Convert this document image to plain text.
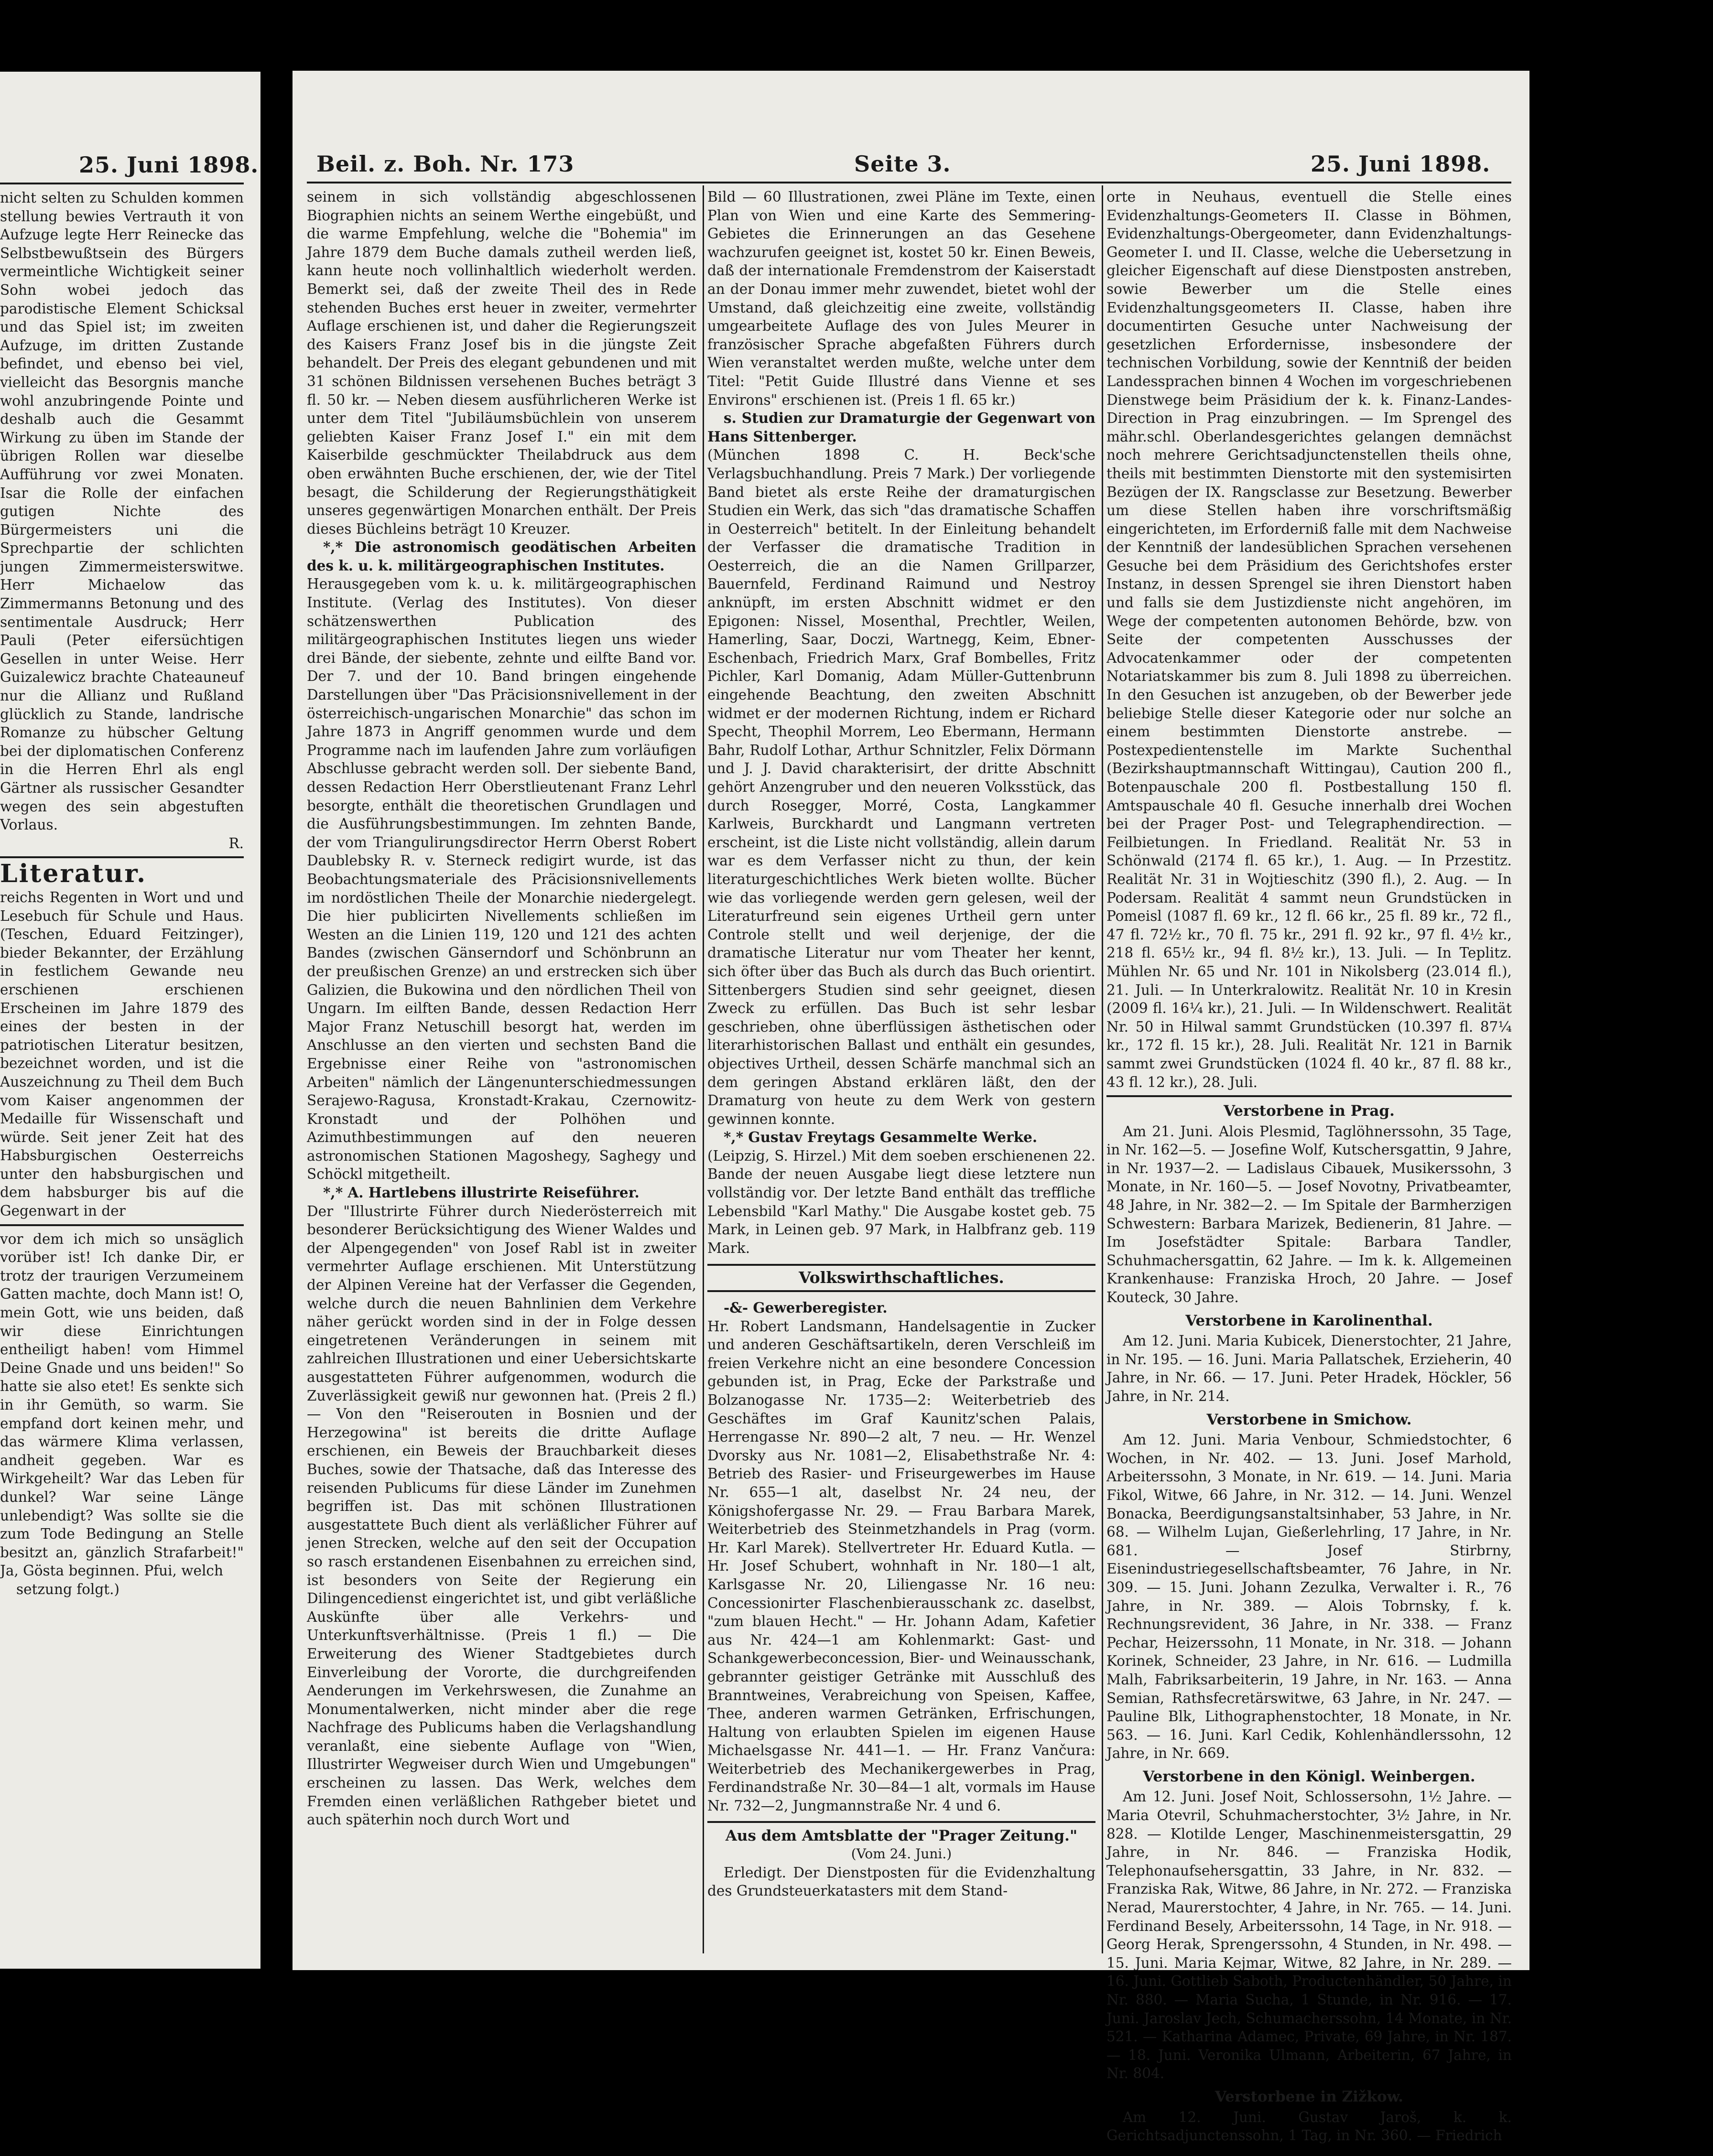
25. Juni 1898.

nicht selten zu Schulden kommen stellung bewies Vertrauth it von Aufzuge legte Herr Reinecke das Selbstbewußtsein des Bürgers vermeintliche Wichtigkeit seiner Sohn wobei jedoch das parodistische Element Schicksal und das Spiel ist; im zweiten Aufzuge, im dritten Zustande befindet, und ebenso bei viel, vielleicht das Besorgnis manche wohl anzubringende Pointe und deshalb auch die Gesammt Wirkung zu üben im Stande der übrigen Rollen war dieselbe Aufführung vor zwei Monaten. Isar die Rolle der einfachen gutigen Nichte des Bürgermeisters uni die Sprechpartie der schlichten jungen Zimmermeisterswitwe. Herr Michaelow das Zimmermanns Betonung und des sentimentale Ausdruck; Herr Pauli (Peter eifersüchtigen Gesellen in unter Weise. Herr Guizalewicz brachte Chateauneuf nur die Allianz und Rußland glücklich zu Stande, landrische Romanze zu hübscher Geltung bei der diplomatischen Conferenz in die Herren Ehrl als engl Gärtner als russischer Gesandter wegen des sein abgestuften Vorlaus.

R.
Literatur.

reichs Regenten in Wort und und Lesebuch für Schule und Haus. (Teschen, Eduard Feitzinger), bieder Bekannter, der Erzählung in festlichem Gewande neu erschienen erschienen Erscheinen im Jahre 1879 des eines der besten in der patriotischen Literatur besitzen, bezeichnet worden, und ist die Auszeichnung zu Theil dem Buch vom Kaiser angenommen der Medaille für Wissenschaft und würde. Seit jener Zeit hat des Habsburgischen Oesterreichs unter den habsburgischen und dem habsburger bis auf die Gegenwart in der

vor dem ich mich so unsäglich vorüber ist! Ich danke Dir, er trotz der traurigen Verzumeinem Gatten machte, doch Mann ist! O, mein Gott, wie uns beiden, daß wir diese Einrichtungen entheiligt haben! vom Himmel Deine Gnade und uns beiden!" So hatte sie also etet! Es senkte sich in ihr Gemüth, so warm. Sie empfand dort keinen mehr, und das wärmere Klima verlassen, andheit gegeben. War es Wirkgeheilt? War das Leben für dunkel? War seine Länge unlebendigt? Was sollte sie die zum Tode Bedingung an Stelle besitzt an, gänzlich Strafarbeit!" Ja, Gösta beginnen. Pfui, welch

setzung folgt.)

Beil. z. Boh. Nr. 173	Seite 3.	25. Juni 1898.

seinem in sich vollständig abgeschlossenen Biographien nichts an seinem Werthe eingebüßt, und die warme Empfehlung, welche die "Bohemia" im Jahre 1879 dem Buche damals zutheil werden ließ, kann heute noch vollinhaltlich wiederholt werden. Bemerkt sei, daß der zweite Theil des in Rede stehenden Buches erst heuer in zweiter, vermehrter Auflage erschienen ist, und daher die Regierungszeit des Kaisers Franz Josef bis in die jüngste Zeit behandelt. Der Preis des elegant gebundenen und mit 31 schönen Bildnissen versehenen Buches beträgt 3 fl. 50 kr. — Neben diesem ausführlicheren Werke ist unter dem Titel "Jubiläumsbüchlein von unserem geliebten Kaiser Franz Josef I." ein mit dem Kaiserbilde geschmückter Theilabdruck aus dem oben erwähnten Buche erschienen, der, wie der Titel besagt, die Schilderung der Regierungsthätigkeit unseres gegenwärtigen Monarchen enthält. Der Preis dieses Büchleins beträgt 10 Kreuzer.

*,* Die astronomisch geodätischen Arbeiten des k. u. k. militärgeographischen Institutes.

Herausgegeben vom k. u. k. militärgeographischen Institute. (Verlag des Institutes). Von dieser schätzenswerthen Publication des militärgeographischen Institutes liegen uns wieder drei Bände, der siebente, zehnte und eilfte Band vor. Der 7. und der 10. Band bringen eingehende Darstellungen über "Das Präcisionsnivellement in der österreichisch-ungarischen Monarchie" das schon im Jahre 1873 in Angriff genommen wurde und dem Programme nach im laufenden Jahre zum vorläufigen Abschlusse gebracht werden soll. Der siebente Band, dessen Redaction Herr Oberstlieutenant Franz Lehrl besorgte, enthält die theoretischen Grundlagen und die Ausführungsbestimmungen. Im zehnten Bande, der vom Triangulirungsdirector Herrn Oberst Robert Daublebsky R. v. Sterneck redigirt wurde, ist das Beobachtungsmateriale des Präcisionsnivellements im nordöstlichen Theile der Monarchie niedergelegt. Die hier publicirten Nivellements schließen im Westen an die Linien 119, 120 und 121 des achten Bandes (zwischen Gänserndorf und Schönbrunn an der preußischen Grenze) an und erstrecken sich über Galizien, die Bukowina und den nördlichen Theil von Ungarn. Im eilften Bande, dessen Redaction Herr Major Franz Netuschill besorgt hat, werden im Anschlusse an den vierten und sechsten Band die Ergebnisse einer Reihe von "astronomischen Arbeiten" nämlich der Längenunterschiedmessungen Serajewo-Ragusa, Kronstadt-Krakau, Czernowitz-Kronstadt und der Polhöhen und Azimuthbestimmungen auf den neueren astronomischen Stationen Magoshegy, Saghegy und Schöckl mitgetheilt.

*,* A. Hartlebens illustrirte Reiseführer.

Der "Illustrirte Führer durch Niederösterreich mit besonderer Berücksichtigung des Wiener Waldes und der Alpengegenden" von Josef Rabl ist in zweiter vermehrter Auflage erschienen. Mit Unterstützung der Alpinen Vereine hat der Verfasser die Gegenden, welche durch die neuen Bahnlinien dem Verkehre näher gerückt worden sind in der in Folge dessen eingetretenen Veränderungen in seinem mit zahlreichen Illustrationen und einer Uebersichtskarte ausgestatteten Führer aufgenommen, wodurch die Zuverlässigkeit gewiß nur gewonnen hat. (Preis 2 fl.) — Von den "Reiserouten in Bosnien und der Herzegowina" ist bereits die dritte Auflage erschienen, ein Beweis der Brauchbarkeit dieses Buches, sowie der Thatsache, daß das Interesse des reisenden Publicums für diese Länder im Zunehmen begriffen ist. Das mit schönen Illustrationen ausgestattete Buch dient als verläßlicher Führer auf jenen Strecken, welche auf den seit der Occupation so rasch erstandenen Eisenbahnen zu erreichen sind, ist besonders von Seite der Regierung ein Dilingencedienst eingerichtet ist, und gibt verläßliche Auskünfte über alle Verkehrs- und Unterkunftsverhältnisse. (Preis 1 fl.) — Die Erweiterung des Wiener Stadtgebietes durch Einverleibung der Vororte, die durchgreifenden Aenderungen im Verkehrswesen, die Zunahme an Monumentalwerken, nicht minder aber die rege Nachfrage des Publicums haben die Verlagshandlung veranlaßt, eine siebente Auflage von "Wien, Illustrirter Wegweiser durch Wien und Umgebungen" erscheinen zu lassen. Das Werk, welches dem Fremden einen verläßlichen Rathgeber bietet und auch späterhin noch durch Wort und

Bild — 60 Illustrationen, zwei Pläne im Texte, einen Plan von Wien und eine Karte des Semmering-Gebietes die Erinnerungen an das Gesehene wachzurufen geeignet ist, kostet 50 kr. Einen Beweis, daß der internationale Fremdenstrom der Kaiserstadt an der Donau immer mehr zuwendet, bietet wohl der Umstand, daß gleichzeitig eine zweite, vollständig umgearbeitete Auflage des von Jules Meurer in französischer Sprache abgefaßten Führers durch Wien veranstaltet werden mußte, welche unter dem Titel: "Petit Guide Illustré dans Vienne et ses Environs" erschienen ist. (Preis 1 fl. 65 kr.)

s. Studien zur Dramaturgie der Gegenwart von Hans Sittenberger.

(München 1898 C. H. Beck'sche Verlagsbuchhandlung. Preis 7 Mark.) Der vorliegende Band bietet als erste Reihe der dramaturgischen Studien ein Werk, das sich "das dramatische Schaffen in Oesterreich" betitelt. In der Einleitung behandelt der Verfasser die dramatische Tradition in Oesterreich, die an die Namen Grillparzer, Bauernfeld, Ferdinand Raimund und Nestroy anknüpft, im ersten Abschnitt widmet er den Epigonen: Nissel, Mosenthal, Prechtler, Weilen, Hamerling, Saar, Doczi, Wartnegg, Keim, Ebner-Eschenbach, Friedrich Marx, Graf Bombelles, Fritz Pichler, Karl Domanig, Adam Müller-Guttenbrunn eingehende Beachtung, den zweiten Abschnitt widmet er der modernen Richtung, indem er Richard Specht, Theophil Morrem, Leo Ebermann, Hermann Bahr, Rudolf Lothar, Arthur Schnitzler, Felix Dörmann und J. J. David charakterisirt, der dritte Abschnitt gehört Anzengruber und den neueren Volksstück, das durch Rosegger, Morré, Costa, Langkammer Karlweis, Burckhardt und Langmann vertreten erscheint, ist die Liste nicht vollständig, allein darum war es dem Verfasser nicht zu thun, der kein literaturgeschichtliches Werk bieten wollte. Bücher wie das vorliegende werden gern gelesen, weil der Literaturfreund sein eigenes Urtheil gern unter Controle stellt und weil derjenige, der die dramatische Literatur nur vom Theater her kennt, sich öfter über das Buch als durch das Buch orientirt. Sittenbergers Studien sind sehr geeignet, diesen Zweck zu erfüllen. Das Buch ist sehr lesbar geschrieben, ohne überflüssigen ästhetischen oder literarhistorischen Ballast und enthält ein gesundes, objectives Urtheil, dessen Schärfe manchmal sich an dem geringen Abstand erklären läßt, den der Dramaturg von heute zu dem Werk von gestern gewinnen konnte.

*,* Gustav Freytags Gesammelte Werke.

(Leipzig, S. Hirzel.) Mit dem soeben erschienenen 22. Bande der neuen Ausgabe liegt diese letztere nun vollständig vor. Der letzte Band enthält das treffliche Lebensbild "Karl Mathy." Die Ausgabe kostet geb. 75 Mark, in Leinen geb. 97 Mark, in Halbfranz geb. 119 Mark.

Volkswirthschaftliches.

-&- Gewerberegister.

Hr. Robert Landsmann, Handelsagentie in Zucker und anderen Geschäftsartikeln, deren Verschleiß im freien Verkehre nicht an eine besondere Concession gebunden ist, in Prag, Ecke der Parkstraße und Bolzanogasse Nr. 1735—2: Weiterbetrieb des Geschäftes im Graf Kaunitz'schen Palais, Herrengasse Nr. 890—2 alt, 7 neu. — Hr. Wenzel Dvorsky aus Nr. 1081—2, Elisabethstraße Nr. 4: Betrieb des Rasier- und Friseurgewerbes im Hause Nr. 655—1 alt, daselbst Nr. 24 neu, der Königshofergasse Nr. 29. — Frau Barbara Marek, Weiterbetrieb des Steinmetzhandels in Prag (vorm. Hr. Karl Marek). Stellvertreter Hr. Eduard Kutla. — Hr. Josef Schubert, wohnhaft in Nr. 180—1 alt, Karlsgasse Nr. 20, Liliengasse Nr. 16 neu: Concessionirter Flaschenbierausschank zc. daselbst, "zum blauen Hecht." — Hr. Johann Adam, Kafetier aus Nr. 424—1 am Kohlenmarkt: Gast- und Schankgewerbeconcession, Bier- und Weinausschank, gebrannter geistiger Getränke mit Ausschluß des Branntweines, Verabreichung von Speisen, Kaffee, Thee, anderen warmen Getränken, Erfrischungen, Haltung von erlaubten Spielen im eigenen Hause Michaelsgasse Nr. 441—1. — Hr. Franz Vančura: Weiterbetrieb des Mechanikergewerbes in Prag, Ferdinandstraße Nr. 30—84—1 alt, vormals im Hause Nr. 732—2, Jungmannstraße Nr. 4 und 6.

Aus dem Amtsblatte der "Prager Zeitung."
(Vom 24. Juni.)

Erledigt. Der Dienstposten für die Evidenzhaltung des Grundsteuerkatasters mit dem Stand-

orte in Neuhaus, eventuell die Stelle eines Evidenzhaltungs-Geometers II. Classe in Böhmen, Evidenzhaltungs-Obergeometer, dann Evidenzhaltungs-Geometer I. und II. Classe, welche die Uebersetzung in gleicher Eigenschaft auf diese Dienstposten anstreben, sowie Bewerber um die Stelle eines Evidenzhaltungsgeometers II. Classe, haben ihre documentirten Gesuche unter Nachweisung der gesetzlichen Erfordernisse, insbesondere der technischen Vorbildung, sowie der Kenntniß der beiden Landessprachen binnen 4 Wochen im vorgeschriebenen Dienstwege beim Präsidium der k. k. Finanz-Landes-Direction in Prag einzubringen. — Im Sprengel des mähr.schl. Oberlandesgerichtes gelangen demnächst noch mehrere Gerichtsadjunctenstellen theils ohne, theils mit bestimmten Dienstorte mit den systemisirten Bezügen der IX. Rangsclasse zur Besetzung. Bewerber um diese Stellen haben ihre vorschriftsmäßig eingerichteten, im Erforderniß falle mit dem Nachweise der Kenntniß der landesüblichen Sprachen versehenen Gesuche bei dem Präsidium des Gerichtshofes erster Instanz, in dessen Sprengel sie ihren Dienstort haben und falls sie dem Justizdienste nicht angehören, im Wege der competenten autonomen Behörde, bzw. von Seite der competenten Ausschusses der Advocatenkammer oder der competenten Notariatskammer bis zum 8. Juli 1898 zu überreichen. In den Gesuchen ist anzugeben, ob der Bewerber jede beliebige Stelle dieser Kategorie oder nur solche an einem bestimmten Dienstorte anstrebe. — Postexpedientenstelle im Markte Suchenthal (Bezirkshauptmannschaft Wittingau), Caution 200 fl., Botenpauschale 200 fl. Postbestallung 150 fl. Amtspauschale 40 fl. Gesuche innerhalb drei Wochen bei der Prager Post- und Telegraphendirection. — Feilbietungen. In Friedland. Realität Nr. 53 in Schönwald (2174 fl. 65 kr.), 1. Aug. — In Przestitz. Realität Nr. 31 in Wojtieschitz (390 fl.), 2. Aug. — In Podersam. Realität 4 sammt neun Grundstücken in Pomeisl (1087 fl. 69 kr., 12 fl. 66 kr., 25 fl. 89 kr., 72 fl., 47 fl. 72½ kr., 70 fl. 75 kr., 291 fl. 92 kr., 97 fl. 4½ kr., 218 fl. 65½ kr., 94 fl. 8½ kr.), 13. Juli. — In Teplitz. Mühlen Nr. 65 und Nr. 101 in Nikolsberg (23.014 fl.), 21. Juli. — In Unterkralowitz. Realität Nr. 10 in Kresin (2009 fl. 16¼ kr.), 21. Juli. — In Wildenschwert. Realität Nr. 50 in Hilwal sammt Grundstücken (10.397 fl. 87¼ kr., 172 fl. 15 kr.), 28. Juli. Realität Nr. 121 in Barnik sammt zwei Grundstücken (1024 fl. 40 kr., 87 fl. 88 kr., 43 fl. 12 kr.), 28. Juli.

Verstorbene in Prag.

Am 21. Juni. Alois Plesmid, Taglöhnerssohn, 35 Tage, in Nr. 162—5. — Josefine Wolf, Kutschersgattin, 9 Jahre, in Nr. 1937—2. — Ladislaus Cibauek, Musikerssohn, 3 Monate, in Nr. 160—5. — Josef Novotny, Privatbeamter, 48 Jahre, in Nr. 382—2. — Im Spitale der Barmherzigen Schwestern: Barbara Marizek, Bedienerin, 81 Jahre. — Im Josefstädter Spitale: Barbara Tandler, Schuhmachersgattin, 62 Jahre. — Im k. k. Allgemeinen Krankenhause: Franziska Hroch, 20 Jahre. — Josef Kouteck, 30 Jahre.

Verstorbene in Karolinenthal.

Am 12. Juni. Maria Kubicek, Dienerstochter, 21 Jahre, in Nr. 195. — 16. Juni. Maria Pallatschek, Erzieherin, 40 Jahre, in Nr. 66. — 17. Juni. Peter Hradek, Höckler, 56 Jahre, in Nr. 214.

Verstorbene in Smichow.

Am 12. Juni. Maria Venbour, Schmiedstochter, 6 Wochen, in Nr. 402. — 13. Juni. Josef Marhold, Arbeiterssohn, 3 Monate, in Nr. 619. — 14. Juni. Maria Fikol, Witwe, 66 Jahre, in Nr. 312. — 14. Juni. Wenzel Bonacka, Beerdigungsanstaltsinhaber, 53 Jahre, in Nr. 68. — Wilhelm Lujan, Gießerlehrling, 17 Jahre, in Nr. 681. — Josef Stirbrny, Eisenindustriegesellschaftsbeamter, 76 Jahre, in Nr. 309. — 15. Juni. Johann Zezulka, Verwalter i. R., 76 Jahre, in Nr. 389. — Alois Tobrnsky, f. k. Rechnungsrevident, 36 Jahre, in Nr. 338. — Franz Pechar, Heizerssohn, 11 Monate, in Nr. 318. — Johann Korinek, Schneider, 23 Jahre, in Nr. 616. — Ludmilla Malh, Fabriksarbeiterin, 19 Jahre, in Nr. 163. — Anna Semian, Rathsfecretärswitwe, 63 Jahre, in Nr. 247. — Pauline Blk, Lithographenstochter, 18 Monate, in Nr. 563. — 16. Juni. Karl Cedik, Kohlenhändlerssohn, 12 Jahre, in Nr. 669.

Verstorbene in den Königl. Weinbergen.

Am 12. Juni. Josef Noit, Schlossersohn, 1½ Jahre. — Maria Otevril, Schuhmacherstochter, 3½ Jahre, in Nr. 828. — Klotilde Lenger, Maschinenmeistersgattin, 29 Jahre, in Nr. 846. — Franziska Hodik, Telephonaufsehersgattin, 33 Jahre, in Nr. 832. — Franziska Rak, Witwe, 86 Jahre, in Nr. 272. — Franziska Nerad, Maurerstochter, 4 Jahre, in Nr. 765. — 14. Juni. Ferdinand Besely, Arbeiterssohn, 14 Tage, in Nr. 918. — Georg Herak, Sprengerssohn, 4 Stunden, in Nr. 498. — 15. Juni. Maria Kejmar, Witwe, 82 Jahre, in Nr. 289. — 16. Juni. Gottlieb Saboth, Productenhändler, 50 Jahre, in Nr. 880. — Maria Sucha, 1 Stunde, in Nr. 916. — 17. Juni. Jaroslav Jech, Schumacherssohn, 14 Monate, in Nr. 521. — Katharina Adamec, Private, 69 Jahre, in Nr. 187. — 18. Juni. Veronika Ulmann, Arbeiterin, 67 Jahre, in Nr. 804.

Verstorbene in Zižkow.

Am 12. Juni. Gustav Jaroš, k. k. Gerichtsadjunctenssohn, 1 Tag, in Nr. 360. — Friedrich
